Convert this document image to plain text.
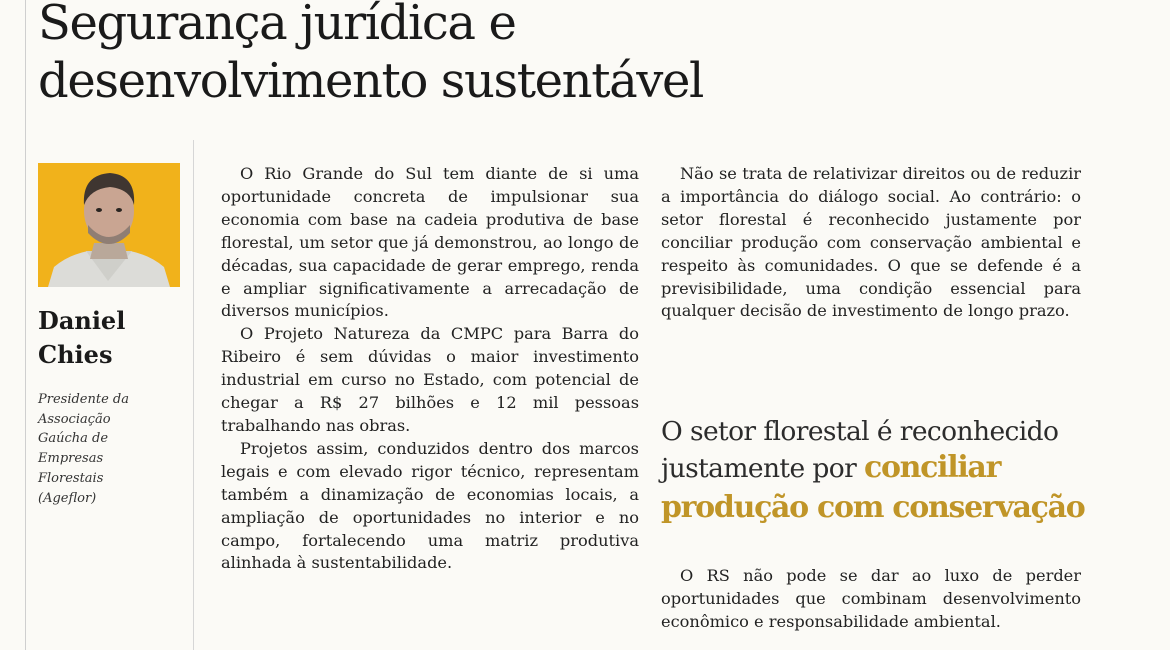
Segurança jurídica e
desenvolvimento sustentável
Daniel
Chies
Presidente da
Associação
Gaúcha de
Empresas
Florestais
(Ageflor)

O Rio Grande do Sul tem diante de si uma oportunidade concreta de impulsionar sua economia com base na cadeia produtiva de base florestal, um setor que já demonstrou, ao longo de décadas, sua capacidade de gerar emprego, renda e ampliar significativamente a arrecadação de diversos municípios.

O Projeto Natureza da CMPC para Barra do Ribeiro é sem dúvidas o maior investimento industrial em curso no Estado, com potencial de chegar a R$ 27 bilhões e 12 mil pessoas trabalhando nas obras.

Projetos assim, conduzidos dentro dos marcos legais e com elevado rigor técnico, representam também a dinamização de economias locais, a ampliação de oportunidades no interior e no campo, fortalecendo uma matriz produtiva alinhada à sustentabilidade.

Não se trata de relativizar direitos ou de reduzir a importância do diálogo social. Ao contrário: o setor florestal é reconhecido justamente por conciliar produção com conservação ambiental e respeito às comunidades. O que se defende é a previsibilidade, uma condição essencial para qualquer decisão de investimento de longo prazo.

O setor florestal é reconhecido
justamente por conciliar
produção com conservação

O RS não pode se dar ao luxo de perder oportunidades que combinam desenvolvimento econômico e responsabilidade ambiental.
